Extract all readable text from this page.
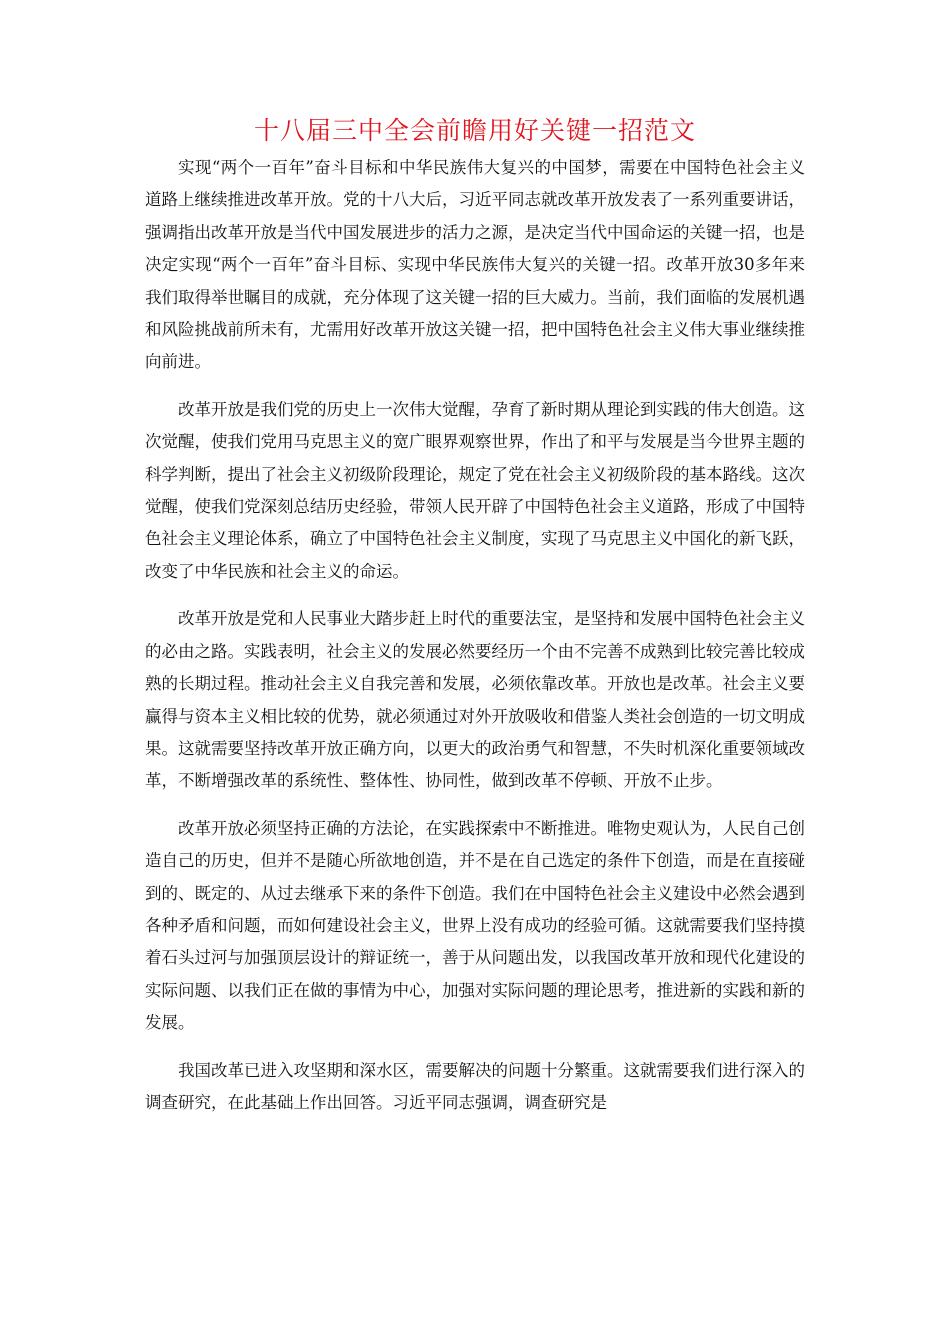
十八届三中全会前瞻用好关键一招范文

实现“两个一百年”奋斗目标和中华民族伟大复兴的中国梦，需要在中国特色社会主义道路上继续推进改革开放。党的十八大后，习近平同志就改革开放发表了一系列重要讲话，强调指出改革开放是当代中国发展进步的活力之源，是决定当代中国命运的关键一招，也是决定实现“两个一百年”奋斗目标、实现中华民族伟大复兴的关键一招。改革开放30多年来我们取得举世瞩目的成就，充分体现了这关键一招的巨大威力。当前，我们面临的发展机遇和风险挑战前所未有，尤需用好改革开放这关键一招，把中国特色社会主义伟大事业继续推向前进。

改革开放是我们党的历史上一次伟大觉醒，孕育了新时期从理论到实践的伟大创造。这次觉醒，使我们党用马克思主义的宽广眼界观察世界，作出了和平与发展是当今世界主题的科学判断，提出了社会主义初级阶段理论，规定了党在社会主义初级阶段的基本路线。这次觉醒，使我们党深刻总结历史经验，带领人民开辟了中国特色社会主义道路，形成了中国特色社会主义理论体系，确立了中国特色社会主义制度，实现了马克思主义中国化的新飞跃，改变了中华民族和社会主义的命运。

改革开放是党和人民事业大踏步赶上时代的重要法宝，是坚持和发展中国特色社会主义的必由之路。实践表明，社会主义的发展必然要经历一个由不完善不成熟到比较完善比较成熟的长期过程。推动社会主义自我完善和发展，必须依靠改革。开放也是改革。社会主义要赢得与资本主义相比较的优势，就必须通过对外开放吸收和借鉴人类社会创造的一切文明成果。这就需要坚持改革开放正确方向，以更大的政治勇气和智慧，不失时机深化重要领域改革，不断增强改革的系统性、整体性、协同性，做到改革不停顿、开放不止步。

改革开放必须坚持正确的方法论，在实践探索中不断推进。唯物史观认为，人民自己创造自己的历史，但并不是随心所欲地创造，并不是在自己选定的条件下创造，而是在直接碰到的、既定的、从过去继承下来的条件下创造。我们在中国特色社会主义建设中必然会遇到各种矛盾和问题，而如何建设社会主义，世界上没有成功的经验可循。这就需要我们坚持摸着石头过河与加强顶层设计的辩证统一，善于从问题出发，以我国改革开放和现代化建设的实际问题、以我们正在做的事情为中心，加强对实际问题的理论思考，推进新的实践和新的发展。

我国改革已进入攻坚期和深水区，需要解决的问题十分繁重。这就需要我们进行深入的调查研究，在此基础上作出回答。习近平同志强调，调查研究是
